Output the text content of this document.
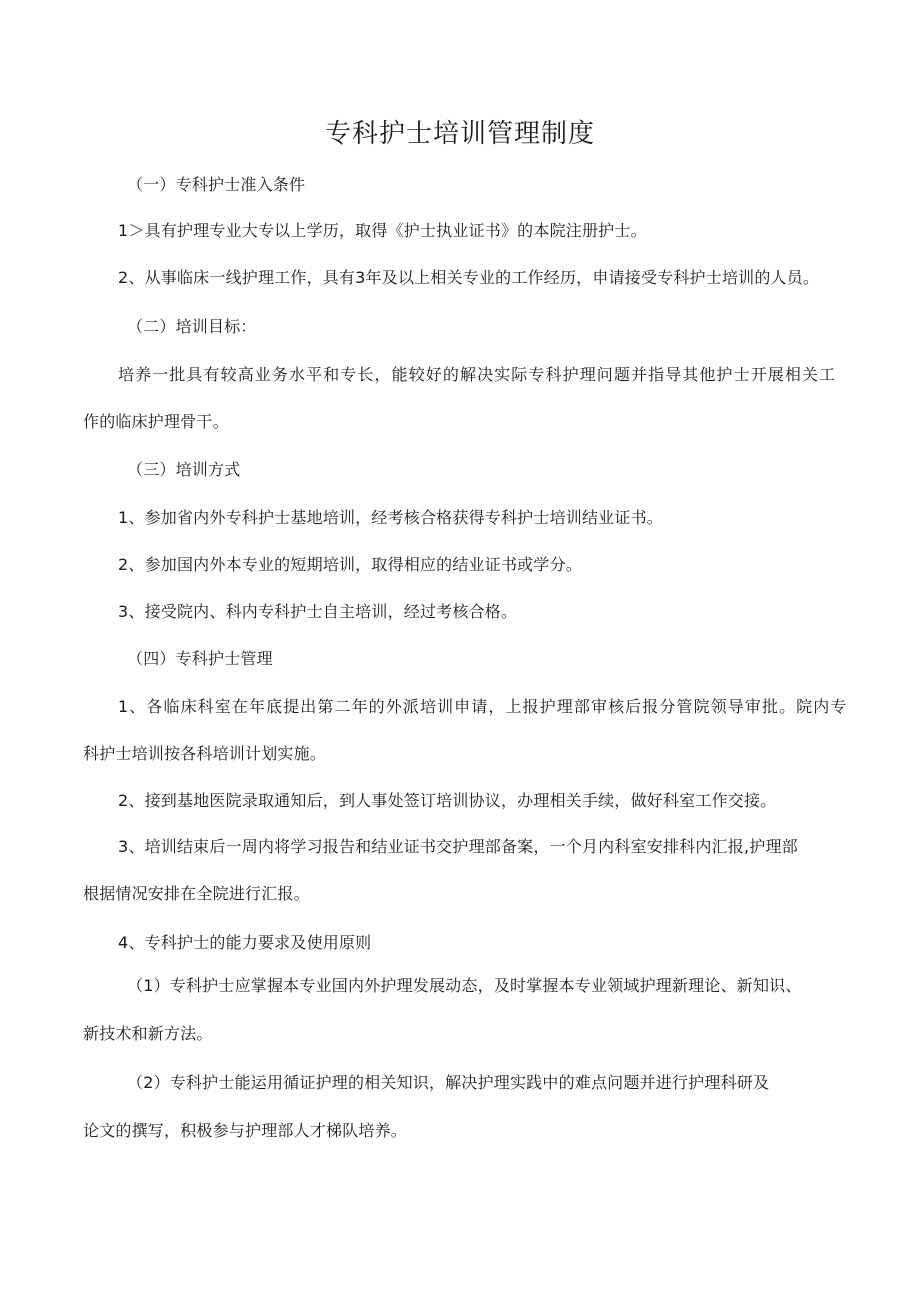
专科护士培训管理制度
（一）专科护士准入条件
1＞具有护理专业大专以上学历，取得《护士执业证书》的本院注册护士。
2、从事临床一线护理工作，具有3年及以上相关专业的工作经历，申请接受专科护士培训的人员。
（二）培训目标：
培养一批具有较高业务水平和专长，能较好的解决实际专科护理问题并指导其他护士开展相关工
作的临床护理骨干。
（三）培训方式
1、参加省内外专科护士基地培训，经考核合格获得专科护士培训结业证书。
2、参加国内外本专业的短期培训，取得相应的结业证书或学分。
3、接受院内、科内专科护士自主培训，经过考核合格。
（四）专科护士管理
1、各临床科室在年底提出第二年的外派培训申请，上报护理部审核后报分管院领导审批。院内专
科护士培训按各科培训计划实施。
2、接到基地医院录取通知后，到人事处签订培训协议，办理相关手续，做好科室工作交接。
3、培训结束后一周内将学习报告和结业证书交护理部备案，一个月内科室安排科内汇报,护理部
根据情况安排在全院进行汇报。
4、专科护士的能力要求及使用原则
（1）专科护士应掌握本专业国内外护理发展动态，及时掌握本专业领域护理新理论、新知识、
新技术和新方法。
（2）专科护士能运用循证护理的相关知识，解决护理实践中的难点问题并进行护理科研及
论文的撰写，积极参与护理部人才梯队培养。
